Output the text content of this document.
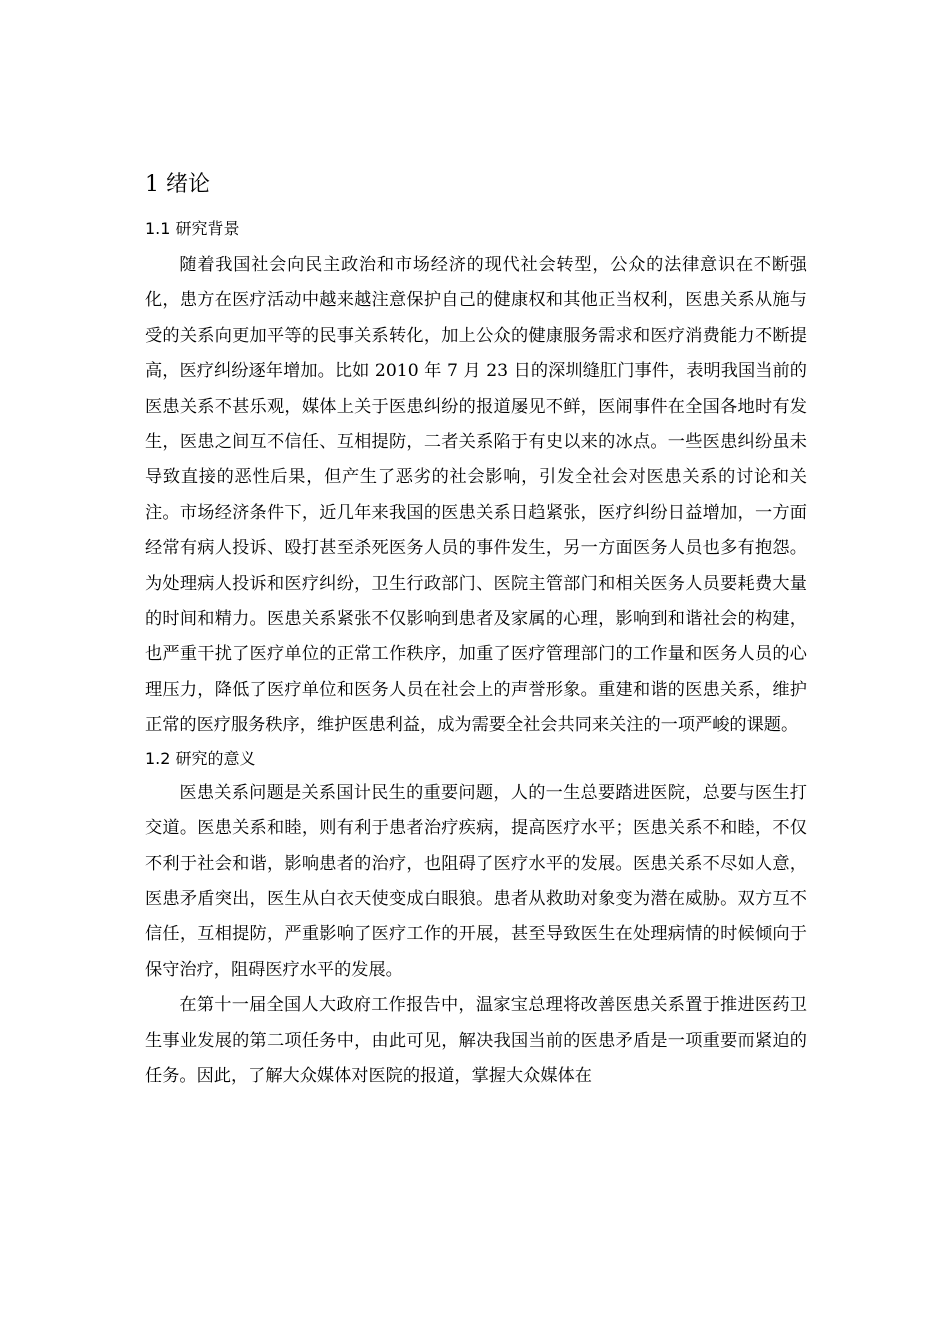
1 绪论
1.1 研究背景

随着我国社会向民主政治和市场经济的现代社会转型，公众的法律意识在不断强化，患方在医疗活动中越来越注意保护自己的健康权和其他正当权利，医患关系从施与受的关系向更加平等的民事关系转化，加上公众的健康服务需求和医疗消费能力不断提高，医疗纠纷逐年增加。比如 2010 年 7 月 23 日的深圳缝肛门事件，表明我国当前的医患关系不甚乐观，媒体上关于医患纠纷的报道屡见不鲜，医闹事件在全国各地时有发生，医患之间互不信任、互相提防，二者关系陷于有史以来的冰点。一些医患纠纷虽未导致直接的恶性后果，但产生了恶劣的社会影响，引发全社会对医患关系的讨论和关注。市场经济条件下，近几年来我国的医患关系日趋紧张，医疗纠纷日益增加，一方面经常有病人投诉、殴打甚至杀死医务人员的事件发生，另一方面医务人员也多有抱怨。为处理病人投诉和医疗纠纷，卫生行政部门、医院主管部门和相关医务人员要耗费大量的时间和精力。医患关系紧张不仅影响到患者及家属的心理，影响到和谐社会的构建，也严重干扰了医疗单位的正常工作秩序，加重了医疗管理部门的工作量和医务人员的心理压力，降低了医疗单位和医务人员在社会上的声誉形象。重建和谐的医患关系，维护正常的医疗服务秩序，维护医患利益，成为需要全社会共同来关注的一项严峻的课题。

1.2 研究的意义

医患关系问题是关系国计民生的重要问题，人的一生总要踏进医院，总要与医生打交道。医患关系和睦，则有利于患者治疗疾病，提高医疗水平；医患关系不和睦，不仅不利于社会和谐，影响患者的治疗，也阻碍了医疗水平的发展。医患关系不尽如人意，医患矛盾突出，医生从白衣天使变成白眼狼。患者从救助对象变为潜在威胁。双方互不信任，互相提防，严重影响了医疗工作的开展，甚至导致医生在处理病情的时候倾向于保守治疗，阻碍医疗水平的发展。

在第十一届全国人大政府工作报告中，温家宝总理将改善医患关系置于推进医药卫生事业发展的第二项任务中，由此可见，解决我国当前的医患矛盾是一项重要而紧迫的任务。因此，了解大众媒体对医院的报道，掌握大众媒体在
